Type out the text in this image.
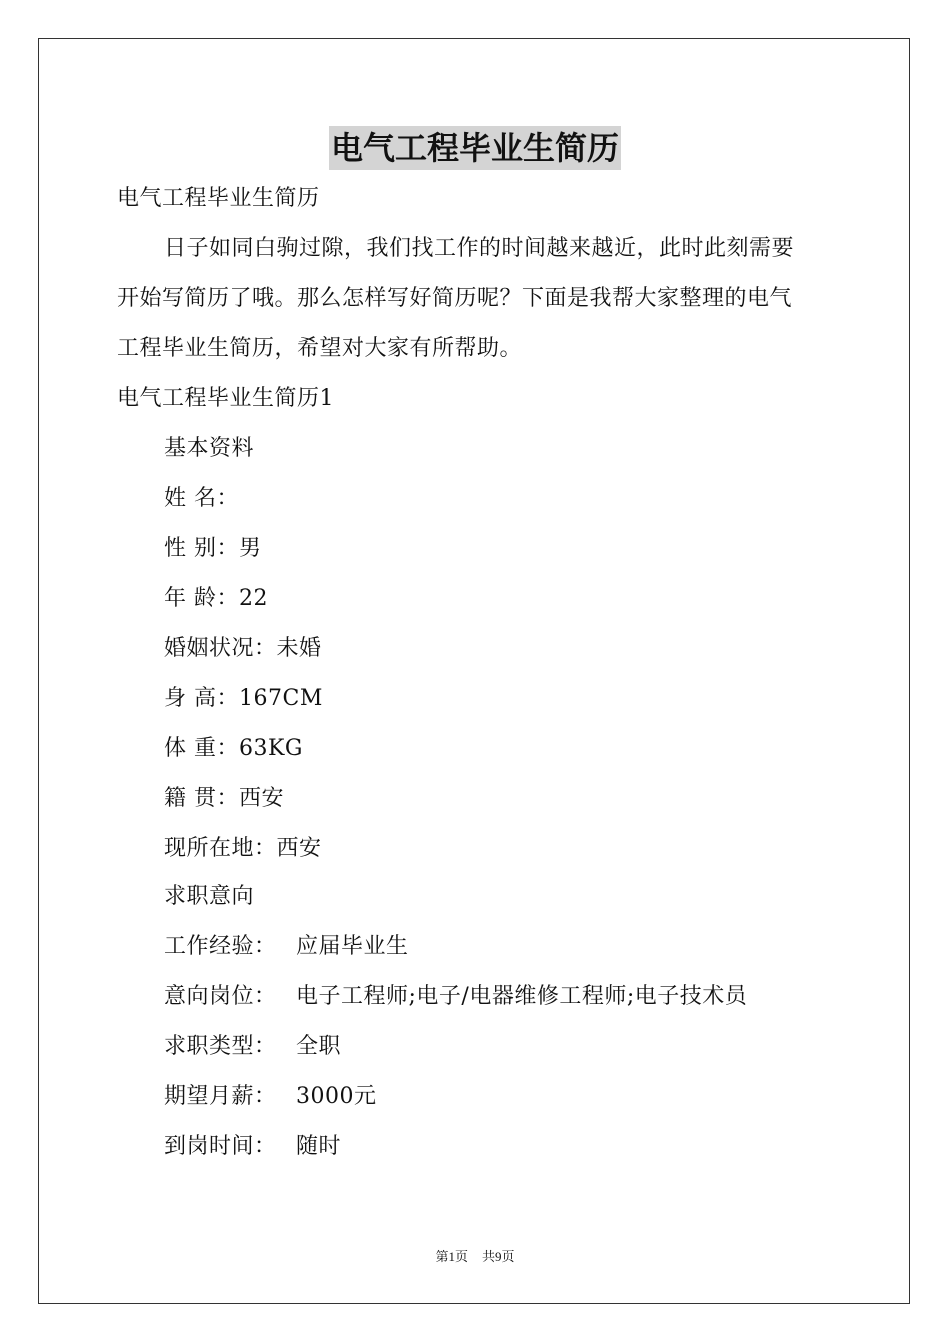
电气工程毕业生简历
电气工程毕业生简历
日子如同白驹过隙，我们找工作的时间越来越近，此时此刻需要
开始写简历了哦。那么怎样写好简历呢？下面是我帮大家整理的电气
工程毕业生简历，希望对大家有所帮助。
电气工程毕业生简历1
基本资料
姓 名：
性 别：男
年 龄：22
婚姻状况：未婚
身 高：167CM
体 重：63KG
籍 贯：西安
现所在地：西安
求职意向
工作经验： 应届毕业生
意向岗位： 电子工程师;电子/电器维修工程师;电子技术员
求职类型： 全职
期望月薪： 3000元
到岗时间： 随时
第1页 共9页
